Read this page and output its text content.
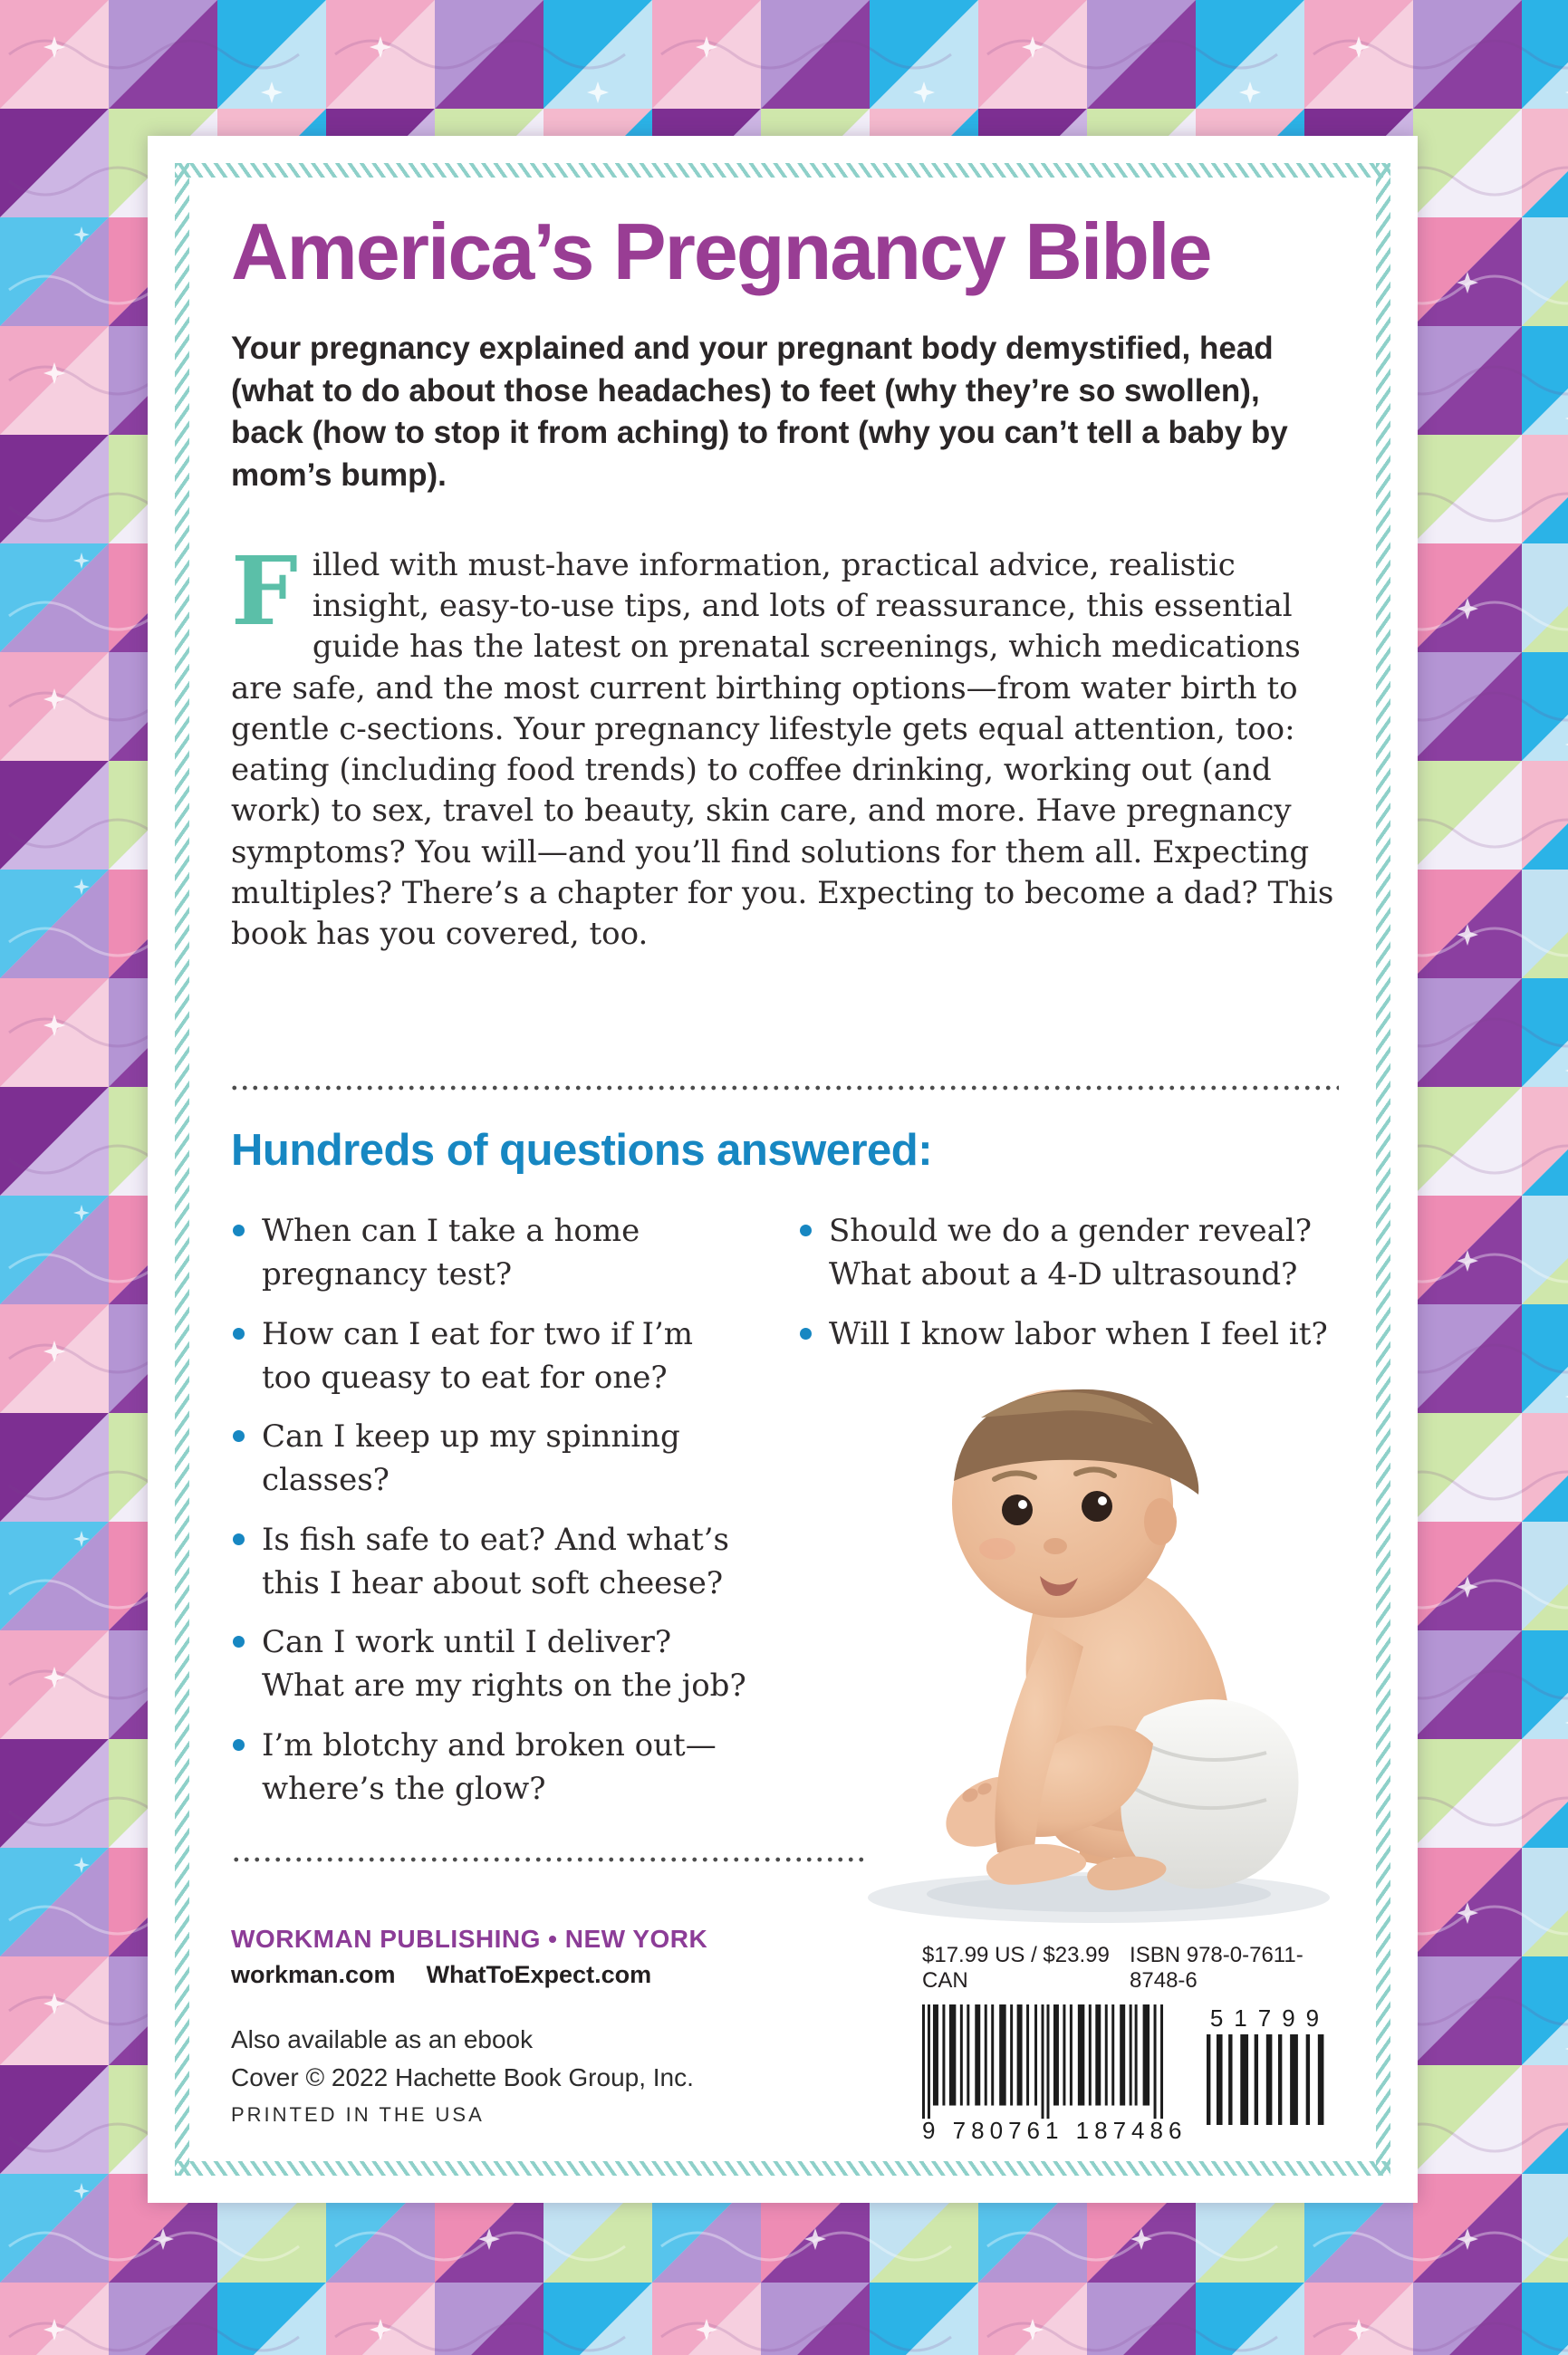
America’s Pregnancy Bible
Your pregnancy explained and your pregnant body demystified, head (what to do about those headaches) to feet (why they’re so swollen), back (how to stop it from aching) to front (why you can’t tell a baby by mom’s bump).
Filled with must-have information, practical advice, realistic insight, easy-to-use tips, and lots of reassurance, this essential guide has the latest on prenatal screenings, which medications are safe, and the most current birthing options—from water birth to gentle c-sections. Your pregnancy lifestyle gets equal attention, too: eating (including food trends) to coffee drinking, working out (and work) to sex, travel to beauty, skin care, and more. Have pregnancy symptoms? You will—and you’ll find solutions for them all. Expecting multiples? There’s a chapter for you. Expecting to become a dad? This book has you covered, too.
Hundreds of questions answered:
When can I take a home pregnancy test?
How can I eat for two if I’m too queasy to eat for one?
Can I keep up my spinning classes?
Is fish safe to eat? And what’s this I hear about soft cheese?
Can I work until I deliver? What are my rights on the job?
I’m blotchy and broken out— where’s the glow?
Should we do a gender reveal? What about a 4-D ultrasound?
Will I know labor when I feel it?
WORKMAN PUBLISHING • NEW YORK
workman.com WhatToExpect.com
Also available as an ebook
Cover © 2022 Hachette Book Group, Inc.
PRINTED IN THE USA
$17.99 US / $23.99 CAN
ISBN 978-0-7611-8748-6
9 780761 187486
51799
